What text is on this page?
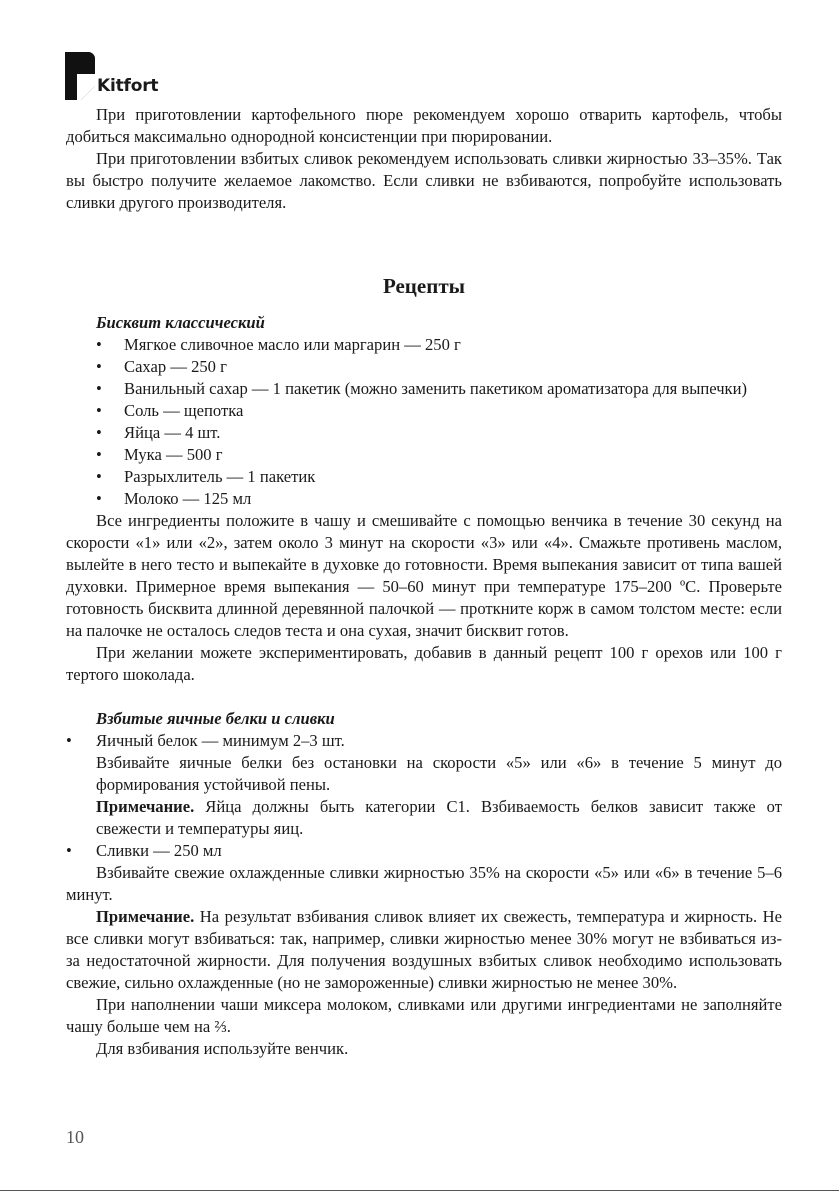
Kitfort

При приготовлении картофельного пюре рекомендуем хорошо отварить картофель, чтобы добиться максимально однородной консистенции при пюрировании.

При приготовлении взбитых сливок рекомендуем использовать сливки жирностью 33–35%. Так вы быстро получите желаемое лакомство. Если сливки не взбиваются, попробуйте использовать сливки другого производителя.

Рецепты
Бисквит классический
• Мягкое сливочное масло или маргарин — 250 г
• Сахар — 250 г
• Ванильный сахар — 1 пакетик (можно заменить пакетиком ароматизатора для выпечки)
• Соль — щепотка
• Яйца — 4 шт.
• Мука — 500 г
• Разрыхлитель — 1 пакетик
• Молоко — 125 мл

Все ингредиенты положите в чашу и смешивайте с помощью венчика в течение 30 секунд на скорости «1» или «2», затем около 3 минут на скорости «3» или «4». Смажьте противень маслом, вылейте в него тесто и выпекайте в духовке до готовности. Время выпекания зависит от типа вашей духовки. Примерное время выпекания — 50–60 минут при температуре 175–200 ºС. Проверьте готовность бисквита длинной деревянной палочкой — проткните корж в самом толстом месте: если на палочке не осталось следов теста и она сухая, значит бисквит готов.

При желании можете экспериментировать, добавив в данный рецепт 100 г орехов или 100 г тертого шоколада.

Взбитые яичные белки и сливки
• Яичный белок — минимум 2–3 шт.

Взбивайте яичные белки без остановки на скорости «5» или «6» в течение 5 минут до формирования устойчивой пены.

Примечание. Яйца должны быть категории С1. Взбиваемость белков зависит также от свежести и температуры яиц.

• Сливки — 250 мл

Взбивайте свежие охлажденные сливки жирностью 35% на скорости «5» или «6» в течение 5–6 минут.

Примечание. На результат взбивания сливок влияет их свежесть, температура и жирность. Не все сливки могут взбиваться: так, например, сливки жирностью менее 30% могут не взбиваться из-за недостаточной жирности. Для получения воздушных взбитых сливок необходимо использовать свежие, сильно охлажденные (но не замороженные) сливки жирностью не менее 30%.

При наполнении чаши миксера молоком, сливками или другими ингредиентами не заполняйте чашу больше чем на ⅔.

Для взбивания используйте венчик.

10
